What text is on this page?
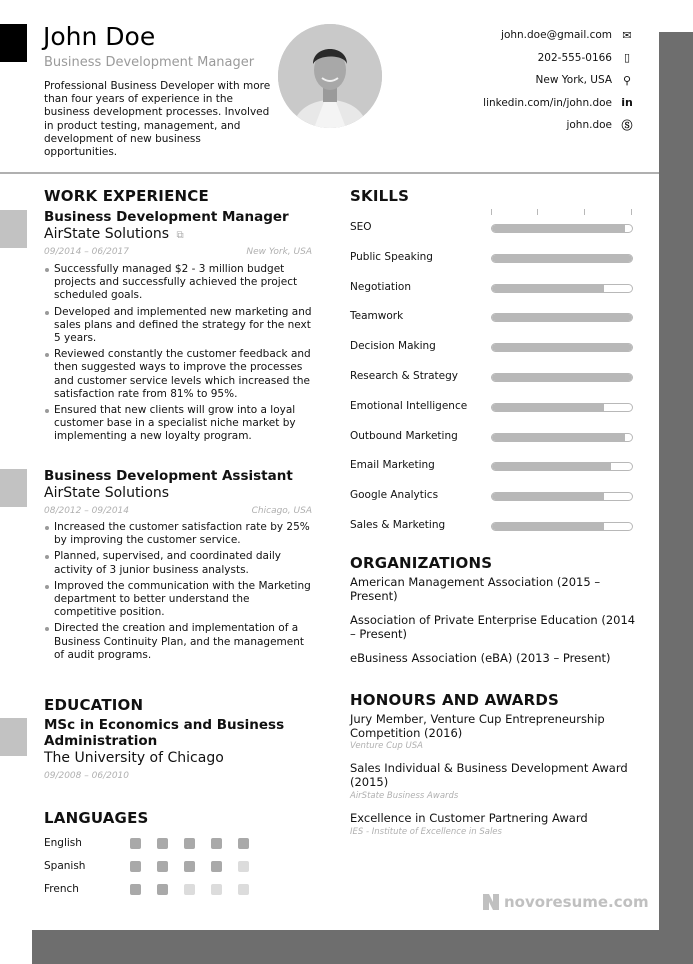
John Doe
Business Development Manager
Professional Business Developer with more than four years of experience in the business development processes. Involved in product testing, management, and development of new business opportunities.
john.doe@gmail.com ✉
202-555-0166 ▯
New York, USA ⚲
linkedin.com/in/john.doe in
john.doe Ⓢ
WORK EXPERIENCE
Business Development Manager
AirState Solutions ⧉
09/2014 – 06/2017	New York, USA
Successfully managed $2 - 3 million budget projects and successfully achieved the project scheduled goals.
Developed and implemented new marketing and sales plans and defined the strategy for the next 5 years.
Reviewed constantly the customer feedback and then suggested ways to improve the processes and customer service levels which increased the satisfaction rate from 81% to 95%.
Ensured that new clients will grow into a loyal customer base in a specialist niche market by implementing a new loyalty program.
Business Development Assistant
AirState Solutions
08/2012 – 09/2014	Chicago, USA
Increased the customer satisfaction rate by 25% by improving the customer service.
Planned, supervised, and coordinated daily activity of 3 junior business analysts.
Improved the communication with the Marketing department to better understand the competitive position.
Directed the creation and implementation of a Business Continuity Plan, and the management of audit programs.
EDUCATION
MSc in Economics and Business Administration
The University of Chicago
09/2008 – 06/2010
LANGUAGES
English
Spanish
French
SKILLS
SEO
Public Speaking
Negotiation
Teamwork
Decision Making
Research & Strategy
Emotional Intelligence
Outbound Marketing
Email Marketing
Google Analytics
Sales & Marketing
ORGANIZATIONS
American Management Association (2015 – Present)
Association of Private Enterprise Education (2014 – Present)
eBusiness Association (eBA) (2013 – Present)
HONOURS AND AWARDS
Jury Member, Venture Cup Entrepreneurship Competition (2016)
Venture Cup USA
Sales Individual & Business Development Award (2015)
AirState Business Awards
Excellence in Customer Partnering Award
IES - Institute of Excellence in Sales
novoresume.com
